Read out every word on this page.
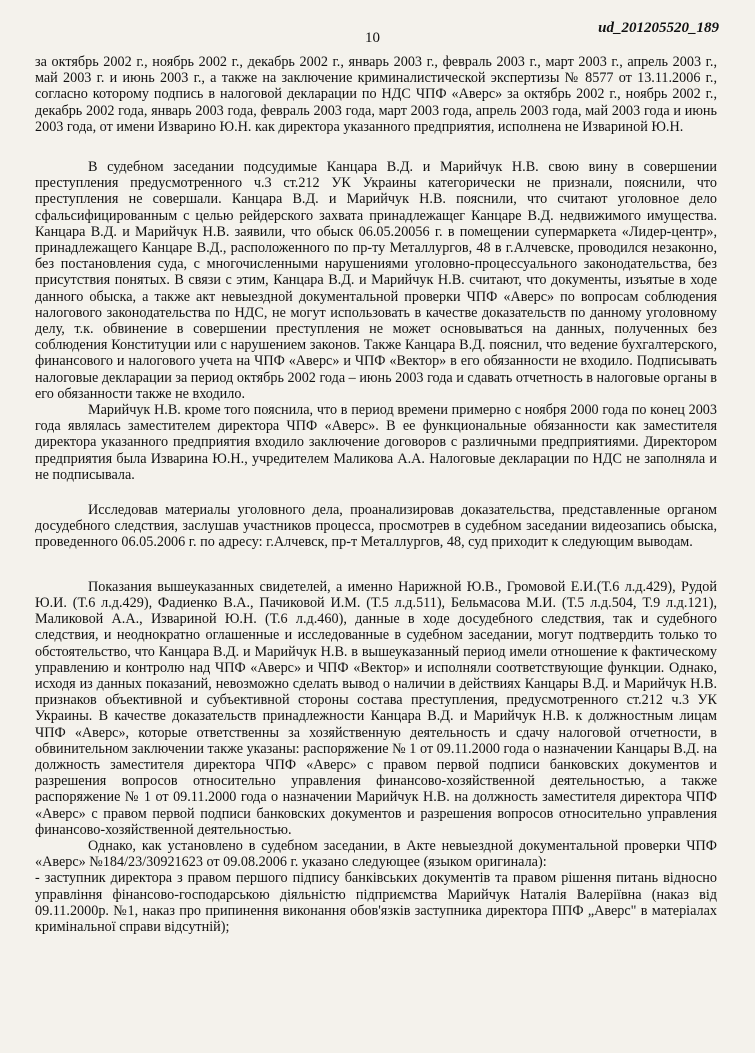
10
ud_201205520_189

за октябрь 2002 г., ноябрь 2002 г., декабрь 2002 г., январь 2003 г., февраль 2003 г., март 2003 г., апрель 2003 г., май 2003 г. и июнь 2003 г., а также на заключение криминалистической экспертизы № 8577 от 13.11.2006 г., согласно которому подпись в налоговой декларации по НДС ЧПФ «Аверс» за октябрь 2002 г., ноябрь 2002 г., декабрь 2002 года, январь 2003 года, февраль 2003 года, март 2003 года, апрель 2003 года, май 2003 года и июнь 2003 года, от имени Изварино Ю.Н. как директора указанного предприятия, исполнена не Извариной Ю.Н.

В судебном заседании подсудимые Канцара В.Д. и Марийчук Н.В. свою вину в совершении преступления предусмотренного ч.3 ст.212 УК Украины категорически не признали, пояснили, что преступления не совершали. Канцара В.Д. и Марийчук Н.В. пояснили, что считают уголовное дело сфальсифицированным с целью рейдерского захвата принадлежащег Канцаре В.Д. недвижимого имущества. Канцара В.Д. и Марийчук Н.В. заявили, что обыск 06.05.20056 г. в помещении супермаркета «Лидер-центр», принадлежащего Канцаре В.Д., расположенного по пр-ту Металлургов, 48 в г.Алчевске, проводился незаконно, без постановления суда, с многочисленными нарушениями уголовно-процессуального законодательства, без присутствия понятых. В связи с этим, Канцара В.Д. и Марийчук Н.В. считают, что документы, изъятые в ходе данного обыска, а также акт невыездной документальной проверки ЧПФ «Аверс» по вопросам соблюдения налогового законодательства по НДС, не могут использовать в качестве доказательств по данному уголовному делу, т.к. обвинение в совершении преступления не может основываться на данных, полученных без соблюдения Конституции или с нарушением законов. Также Канцара В.Д. пояснил, что ведение бухгалтерского, финансового и налогового учета на ЧПФ «Аверс» и ЧПФ «Вектор» в его обязанности не входило. Подписывать налоговые декларации за период октябрь 2002 года – июнь 2003 года и сдавать отчетность в налоговые органы в его обязанности также не входило.

Марийчук Н.В. кроме того пояснила, что в период времени примерно с ноября 2000 года по конец 2003 года являлась заместителем директора ЧПФ «Аверс». В ее функциональные обязанности как заместителя директора указанного предприятия входило заключение договоров с различными предприятиями. Директором предприятия была Изварина Ю.Н., учредителем Маликова А.А. Налоговые декларации по НДС не заполняла и не подписывала.

Исследовав материалы уголовного дела, проанализировав доказательства, представленные органом досудебного следствия, заслушав участников процесса, просмотрев в судебном заседании видеозапись обыска, проведенного 06.05.2006 г. по адресу: г.Алчевск, пр-т Металлургов, 48, суд приходит к следующим выводам.

Показания вышеуказанных свидетелей, а именно Нарижной Ю.В., Громовой Е.И.(Т.6 л.д.429), Рудой Ю.И. (Т.6 л.д.429), Фадиенко В.А., Пачиковой И.М. (Т.5 л.д.511), Бельмасова М.И. (Т.5 л.д.504, Т.9 л.д.121), Маликовой А.А., Извариной Ю.Н. (Т.6 л.д.460), данные в ходе досудебного следствия, так и судебного следствия, и неоднократно оглашенные и исследованные в судебном заседании, могут подтвердить только то обстоятельство, что Канцара В.Д. и Марийчук Н.В. в вышеуказанный период имели отношение к фактическому управлению и контролю над ЧПФ «Аверс» и ЧПФ «Вектор» и исполняли соответствующие функции. Однако, исходя из данных показаний, невозможно сделать вывод о наличии в действиях Канцары В.Д. и Марийчук Н.В. признаков объективной и субъективной стороны состава преступления, предусмотренного ст.212 ч.3 УК Украины. В качестве доказательств принадлежности Канцара В.Д. и Марийчук Н.В. к должностным лицам ЧПФ «Аверс», которые ответственны за хозяйственную деятельность и сдачу налоговой отчетности, в обвинительном заключении также указаны: распоряжение № 1 от 09.11.2000 года о назначении Канцары В.Д. на должность заместителя директора ЧПФ «Аверс» с правом первой подписи банковских документов и разрешения вопросов относительно управления финансово-хозяйственной деятельностью, а также распоряжение № 1 от 09.11.2000 года о назначении Марийчук Н.В. на должность заместителя директора ЧПФ «Аверс» с правом первой подписи банковских документов и разрешения вопросов относительно управления финансово-хозяйственной деятельностью.

Однако, как установлено в судебном заседании, в Акте невыездной документальной проверки ЧПФ «Аверс» №184/23/30921623 от 09.08.2006 г. указано следующее (языком оригинала):

- заступник директора з правом першого підпису банківських документів та правом рішення питань відносно управління фінансово-господарською діяльністю підприємства Марийчук Наталія Валеріївна (наказ від 09.11.2000р. №1, наказ про припинення виконання обов'язків заступника директора ППФ „Аверс" в матеріалах кримінальної справи відсутній);
